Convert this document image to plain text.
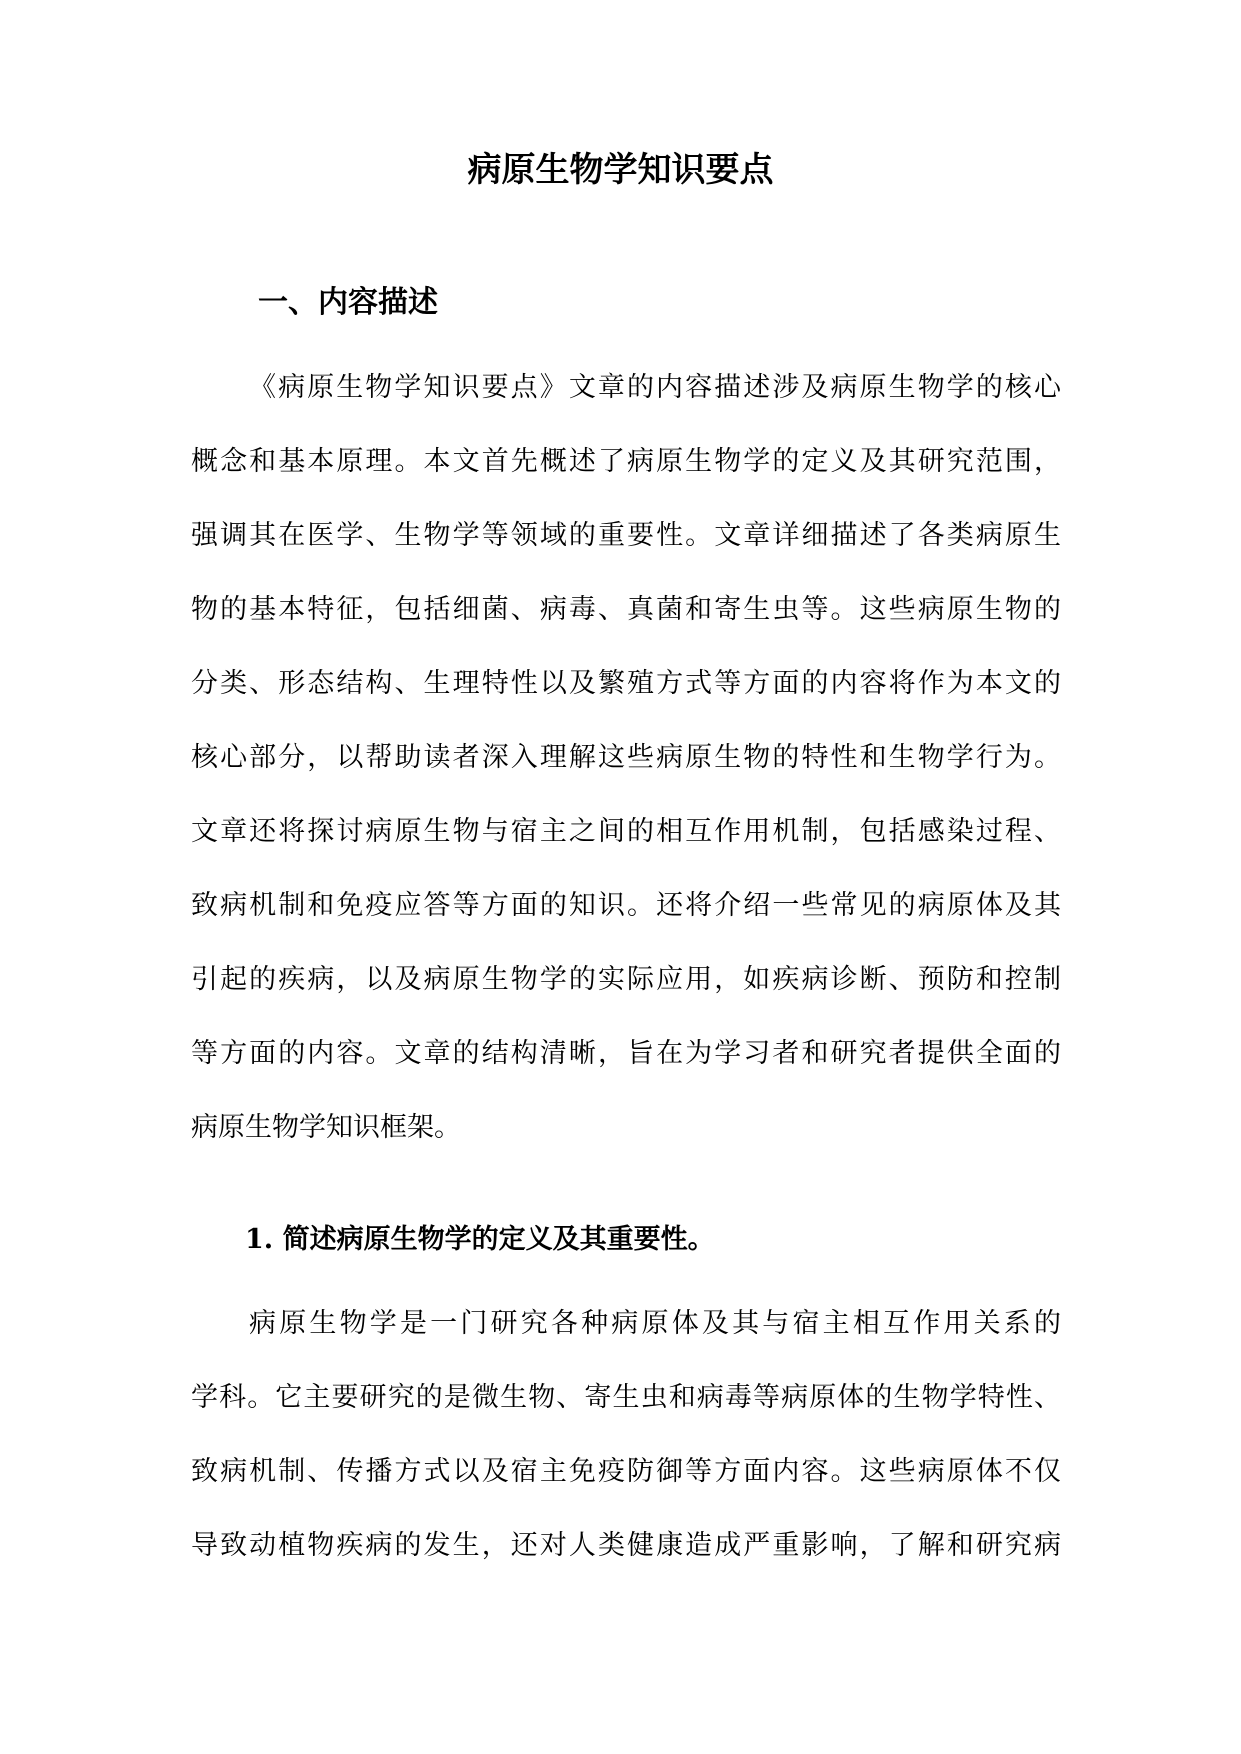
病原生物学知识要点
一、内容描述
《病原生物学知识要点》文章的内容描述涉及病原生物学的核心
概念和基本原理。本文首先概述了病原生物学的定义及其研究范围，
强调其在医学、生物学等领域的重要性。文章详细描述了各类病原生
物的基本特征，包括细菌、病毒、真菌和寄生虫等。这些病原生物的
分类、形态结构、生理特性以及繁殖方式等方面的内容将作为本文的
核心部分，以帮助读者深入理解这些病原生物的特性和生物学行为。
文章还将探讨病原生物与宿主之间的相互作用机制，包括感染过程、
致病机制和免疫应答等方面的知识。还将介绍一些常见的病原体及其
引起的疾病，以及病原生物学的实际应用，如疾病诊断、预防和控制
等方面的内容。文章的结构清晰，旨在为学习者和研究者提供全面的
病原生物学知识框架。
1. 简述病原生物学的定义及其重要性。
病原生物学是一门研究各种病原体及其与宿主相互作用关系的
学科。它主要研究的是微生物、寄生虫和病毒等病原体的生物学特性、
致病机制、传播方式以及宿主免疫防御等方面内容。这些病原体不仅
导致动植物疾病的发生，还对人类健康造成严重影响，了解和研究病
